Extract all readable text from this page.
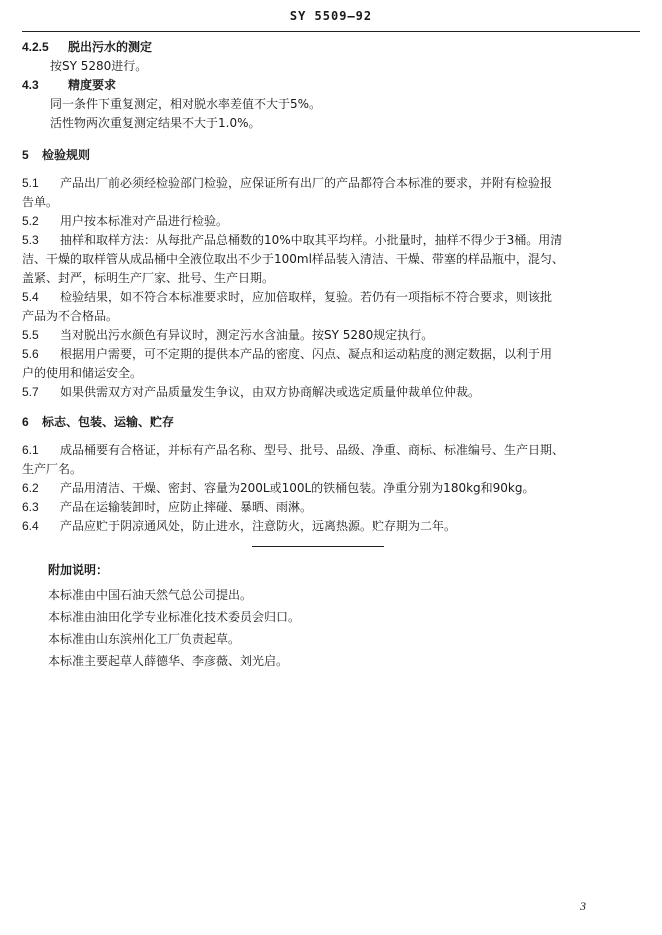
SY 5509—92
4.2.5 脱出污水的测定
按SY 5280进行。
4.3 精度要求
同一条件下重复测定，相对脱水率差值不大于5%。
活性物两次重复测定结果不大于1.0%。
5 检验规则
5.1	产品出厂前必须经检验部门检验，应保证所有出厂的产品都符合本标准的要求，并附有检验报
告单。
5.2	用户按本标准对产品进行检验。
5.3	抽样和取样方法：从每批产品总桶数的10%中取其平均样。小批量时，抽样不得少于3桶。用清
洁、干燥的取样管从成品桶中全液位取出不少于100ml样品装入清洁、干燥、带塞的样品瓶中，混匀、
盖紧、封严，标明生产厂家、批号、生产日期。
5.4	检验结果，如不符合本标准要求时，应加倍取样，复验。若仍有一项指标不符合要求，则该批
产品为不合格品。
5.5	当对脱出污水颜色有异议时，测定污水含油量。按SY 5280规定执行。
5.6	根据用户需要，可不定期的提供本产品的密度、闪点、凝点和运动粘度的测定数据，以利于用
户的使用和储运安全。
5.7	如果供需双方对产品质量发生争议，由双方协商解决或选定质量仲裁单位仲裁。
6 标志、包装、运输、贮存
6.1	成品桶要有合格证，并标有产品名称、型号、批号、品级、净重、商标、标准编号、生产日期、
生产厂名。
6.2	产品用清洁、干燥、密封、容量为200L或100L的铁桶包装。净重分别为180kg和90kg。
6.3	产品在运输装卸时，应防止摔碰、暴晒、雨淋。
6.4	产品应贮于阴凉通风处，防止进水，注意防火，远离热源。贮存期为二年。
附加说明：
本标准由中国石油天然气总公司提出。
本标准由油田化学专业标准化技术委员会归口。
本标准由山东滨州化工厂负责起草。
本标准主要起草人薛德华、李彦薇、刘光启。
3
